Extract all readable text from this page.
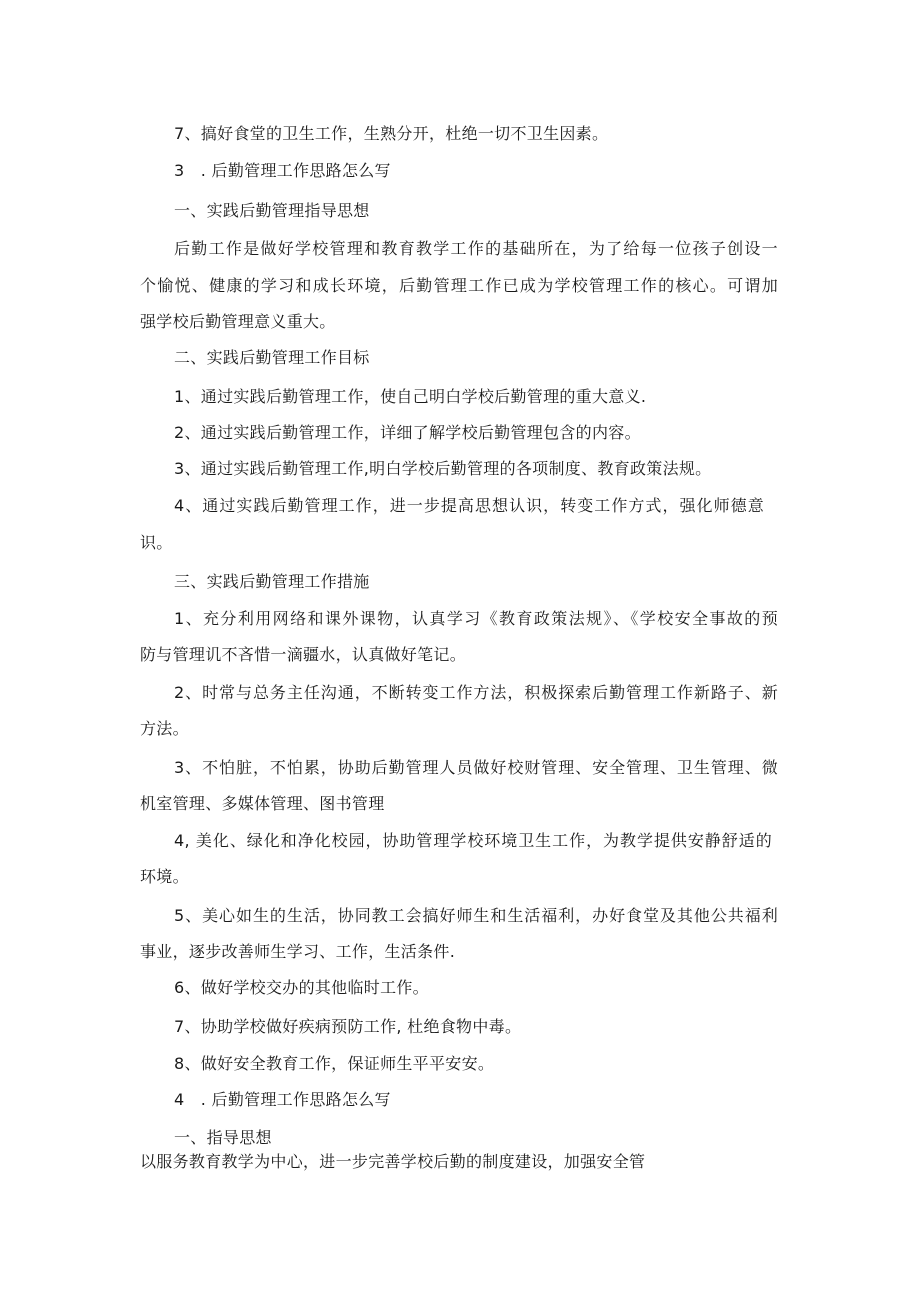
7、搞好食堂的卫生工作，生熟分开，杜绝一切不卫生因素。
3　. 后勤管理工作思路怎么写
一、实践后勤管理指导思想
后勤工作是做好学校管理和教育教学工作的基础所在，为了给每一位孩子创设一
个愉悦、健康的学习和成长环境，后勤管理工作已成为学校管理工作的核心。可谓加
强学校后勤管理意义重大。
二、实践后勤管理工作目标
1、通过实践后勤管理工作，使自己明白学校后勤管理的重大意义.
2、通过实践后勤管理工作，详细了解学校后勤管理包含的内容。
3、通过实践后勤管理工作,明白学校后勤管理的各项制度、教育政策法规。
4、通过实践后勤管理工作，进一步提高思想认识，转变工作方式，强化师德意
识。
三、实践后勤管理工作措施
1、充分利用网络和课外课物，认真学习《教育政策法规》、《学校安全事故的预
防与管理讥不吝惜一滴疆水，认真做好笔记。
2、时常与总务主任沟通，不断转变工作方法，积极探索后勤管理工作新路子、新
方法。
3、不怕脏，不怕累，协助后勤管理人员做好校财管理、安全管理、卫生管理、微
机室管理、多媒体管理、图书管理
4, 美化、绿化和净化校园，协助管理学校环境卫生工作，为教学提供安静舒适的
环境。
5、美心如生的生活，协同教工会搞好师生和生活福利，办好食堂及其他公共福利
事业，逐步改善师生学习、工作，生活条件.
6、做好学校交办的其他临时工作。
7、协助学校做好疾病预防工作, 杜绝食物中毒。
8、做好安全教育工作，保证师生平平安安。
4　. 后勤管理工作思路怎么写
一、指导思想
以服务教育教学为中心，进一步完善学校后勤的制度建设，加强安全管
